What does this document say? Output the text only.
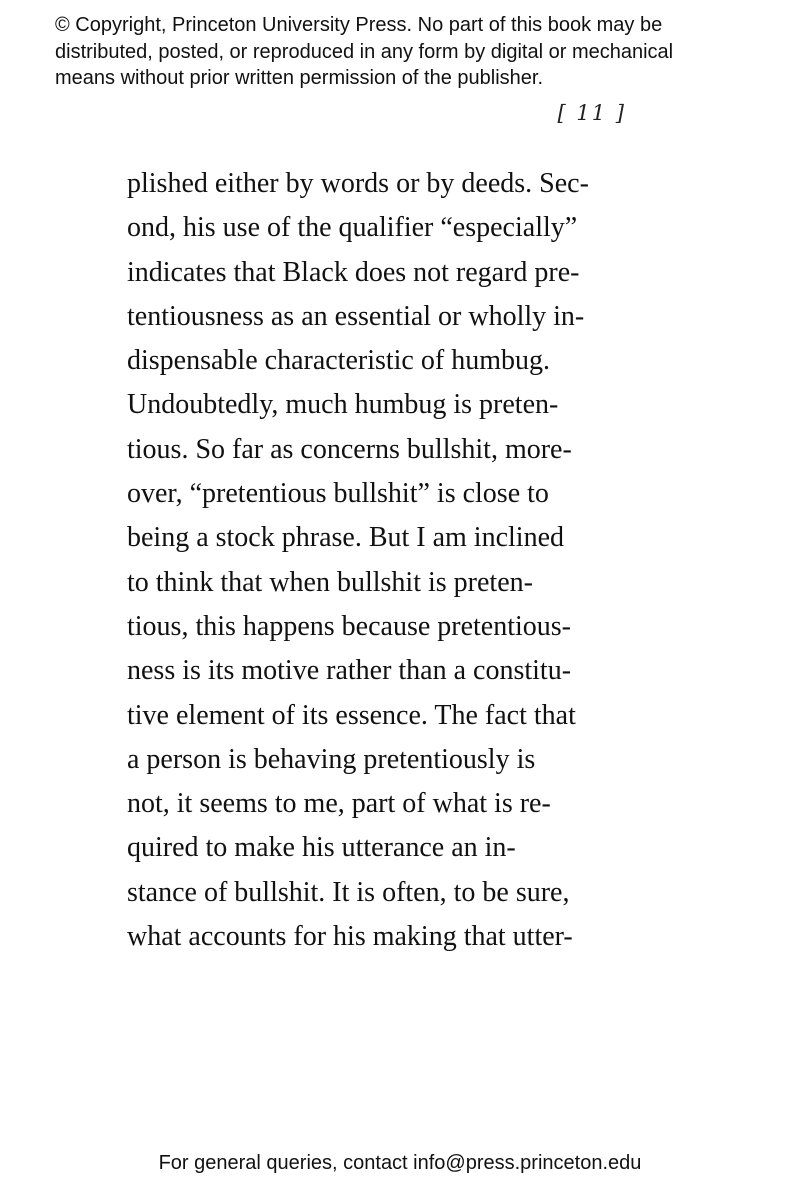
© Copyright, Princeton University Press. No part of this book may be
distributed, posted, or reproduced in any form by digital or mechanical
means without prior written permission of the publisher.
[ 11 ]
plished either by words or by deeds. Sec-
ond, his use of the qualifier “especially”
indicates that Black does not regard pre-
tentiousness as an essential or wholly in-
dispensable characteristic of humbug.
Undoubtedly, much humbug is preten-
tious. So far as concerns bullshit, more-
over, “pretentious bullshit” is close to
being a stock phrase. But I am inclined
to think that when bullshit is preten-
tious, this happens because pretentious-
ness is its motive rather than a constitu-
tive element of its essence. The fact that
a person is behaving pretentiously is
not, it seems to me, part of what is re-
quired to make his utterance an in-
stance of bullshit. It is often, to be sure,
what accounts for his making that utter-
For general queries, contact info@press.princeton.edu
